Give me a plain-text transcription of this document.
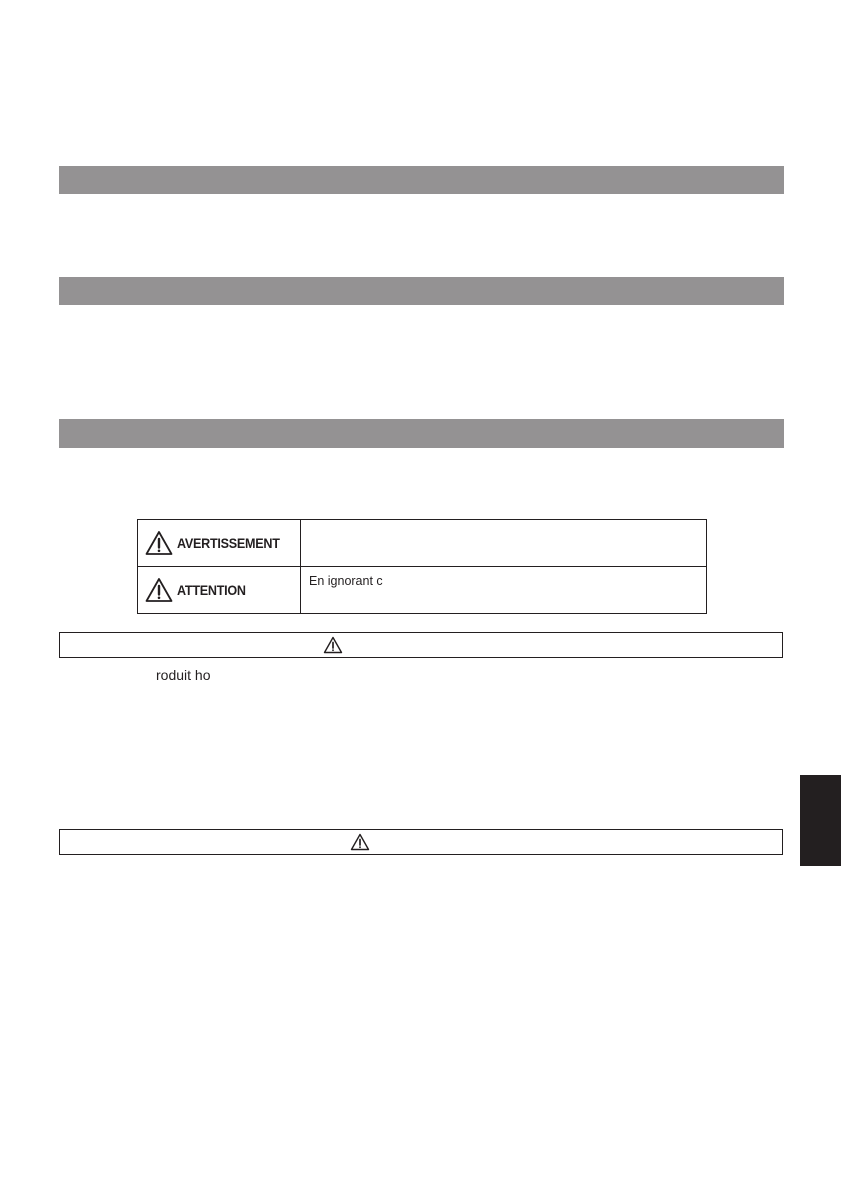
AVERTISSEMENT	

ATTENTION	En ignorant c
roduit ho
